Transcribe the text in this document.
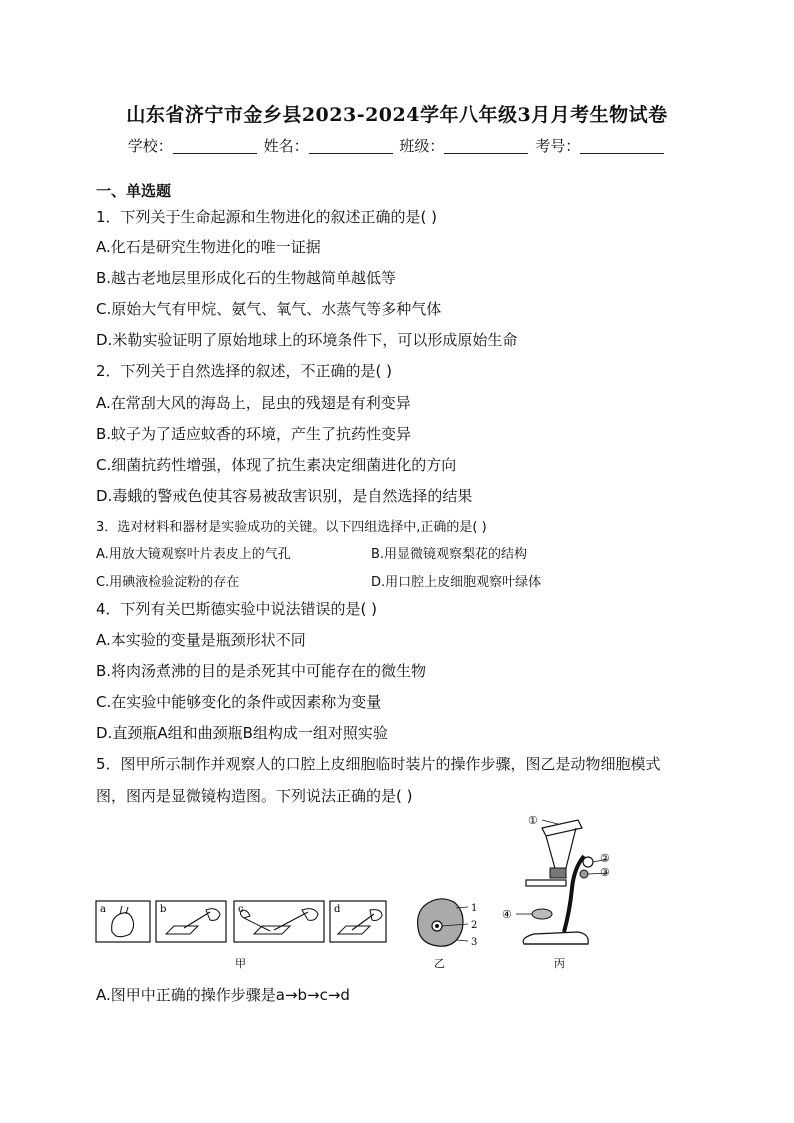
山东省济宁市金乡县2023-2024学年八年级3月月考生物试卷
学校：	姓名：	班级：	考号：
一、单选题
1．下列关于生命起源和生物进化的叙述正确的是( )
A.化石是研究生物进化的唯一证据
B.越古老地层里形成化石的生物越简单越低等
C.原始大气有甲烷、氨气、氧气、水蒸气等多种气体
D.米勒实验证明了原始地球上的环境条件下，可以形成原始生命
2．下列关于自然选择的叙述，不正确的是( )
A.在常刮大风的海岛上，昆虫的残翅是有利变异
B.蚊子为了适应蚊香的环境，产生了抗药性变异
C.细菌抗药性增强，体现了抗生素决定细菌进化的方向
D.毒蛾的警戒色使其容易被敌害识别，是自然选择的结果
3．选对材料和器材是实验成功的关键。以下四组选择中,正确的是( )
A.用放大镜观察叶片表皮上的气孔	B.用显微镜观察梨花的结构
C.用碘液检验淀粉的存在	D.用口腔上皮细胞观察叶绿体
4．下列有关巴斯德实验中说法错误的是( )
A.本实验的变量是瓶颈形状不同
B.将肉汤煮沸的目的是杀死其中可能存在的微生物
C.在实验中能够变化的条件或因素称为变量
D.直颈瓶A组和曲颈瓶B组构成一组对照实验
5．图甲所示制作并观察人的口腔上皮细胞临时装片的操作步骤，图乙是动物细胞模式
图，图丙是显微镜构造图。下列说法正确的是( )
a	b	c	d
甲
1
2
3
乙
①
②
③
④
丙
A.图甲中正确的操作步骤是a→b→c→d
